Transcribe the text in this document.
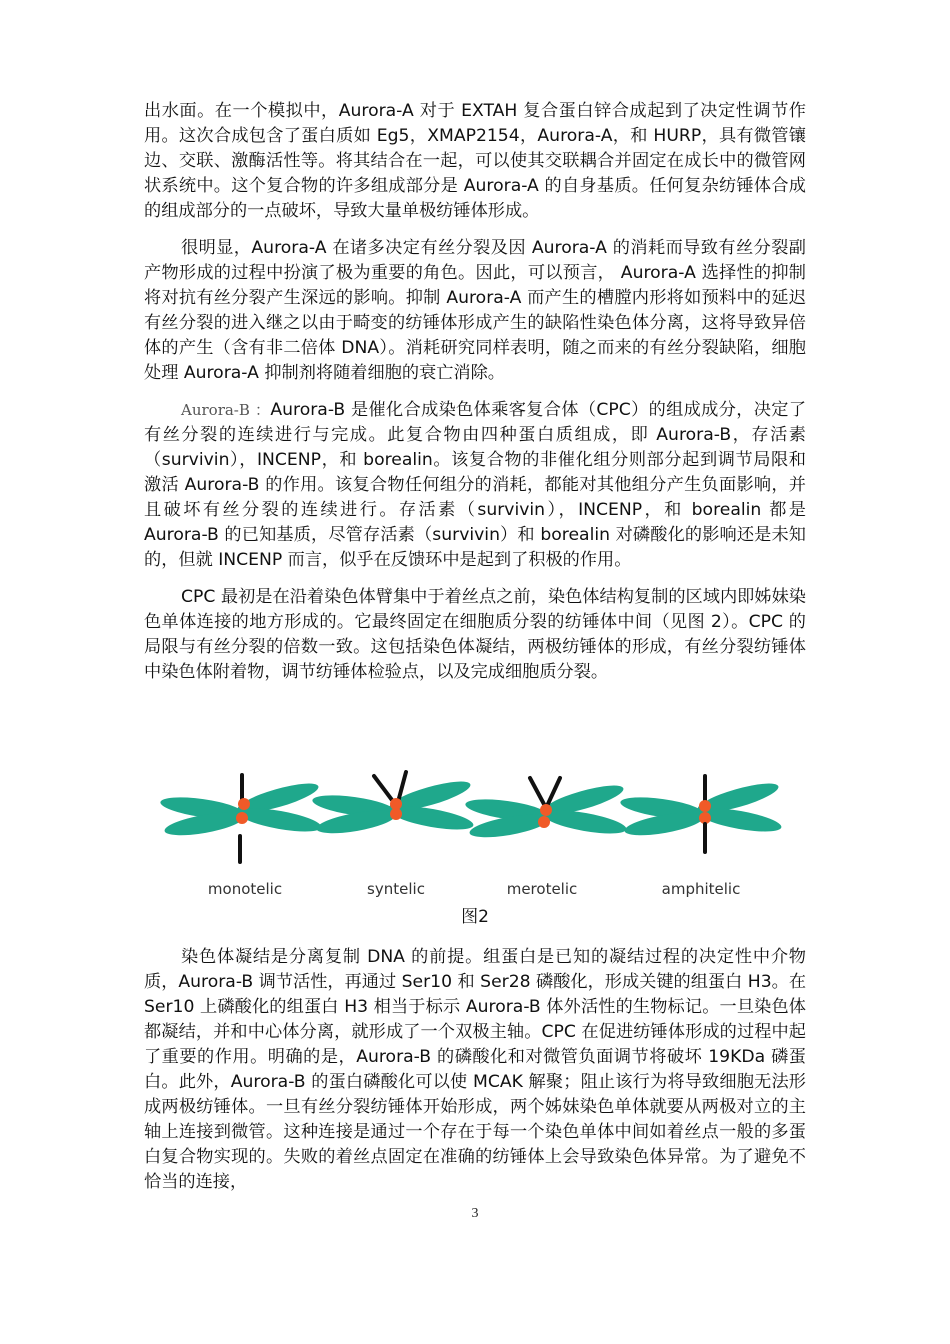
出水面。在一个模拟中，Aurora-A 对于 EXTAH 复合蛋白锌合成起到了决定性调节作用。这次合成包含了蛋白质如 Eg5，XMAP2154，Aurora-A，和 HURP，具有微管镶边、交联、激酶活性等。将其结合在一起，可以使其交联耦合并固定在成长中的微管网状系统中。这个复合物的许多组成部分是 Aurora-A 的自身基质。任何复杂纺锤体合成的组成部分的一点破坏，导致大量单极纺锤体形成。

很明显，Aurora-A 在诸多决定有丝分裂及因 Aurora-A 的消耗而导致有丝分裂副产物形成的过程中扮演了极为重要的角色。因此，可以预言， Aurora-A 选择性的抑制将对抗有丝分裂产生深远的影响。抑制 Aurora-A 而产生的槽膛内形将如预料中的延迟有丝分裂的进入继之以由于畸变的纺锤体形成产生的缺陷性染色体分离，这将导致异倍体的产生（含有非二倍体 DNA）。消耗研究同样表明，随之而来的有丝分裂缺陷，细胞处理 Aurora-A 抑制剂将随着细胞的衰亡消除。

Aurora-B ：Aurora-B 是催化合成染色体乘客复合体（CPC）的组成成分，决定了有丝分裂的连续进行与完成。此复合物由四种蛋白质组成，即 Aurora-B，存活素（survivin），INCENP，和 borealin。该复合物的非催化组分则部分起到调节局限和激活 Aurora-B 的作用。该复合物任何组分的消耗，都能对其他组分产生负面影响，并且破坏有丝分裂的连续进行。存活素（survivin），INCENP，和 borealin 都是 Aurora-B 的已知基质，尽管存活素（survivin）和 borealin 对磷酸化的影响还是未知的，但就 INCENP 而言，似乎在反馈环中是起到了积极的作用。

CPC 最初是在沿着染色体臂集中于着丝点之前，染色体结构复制的区域内即姊妹染色单体连接的地方形成的。它最终固定在细胞质分裂的纺锤体中间（见图 2）。CPC 的局限与有丝分裂的倍数一致。这包括染色体凝结，两极纺锤体的形成，有丝分裂纺锤体中染色体附着物，调节纺锤体检验点，以及完成细胞质分裂。

monotelic	syntelic	merotelic	amphitelic
图2

染色体凝结是分离复制 DNA 的前提。组蛋白是已知的凝结过程的决定性中介物质，Aurora-B 调节活性，再通过 Ser10 和 Ser28 磷酸化，形成关键的组蛋白 H3。在 Ser10 上磷酸化的组蛋白 H3 相当于标示 Aurora-B 体外活性的生物标记。一旦染色体都凝结，并和中心体分离，就形成了一个双极主轴。CPC 在促进纺锤体形成的过程中起了重要的作用。明确的是，Aurora-B 的磷酸化和对微管负面调节将破坏 19KDa 磷蛋白。此外，Aurora-B 的蛋白磷酸化可以使 MCAK 解聚；阻止该行为将导致细胞无法形成两极纺锤体。一旦有丝分裂纺锤体开始形成，两个姊妹染色单体就要从两极对立的主轴上连接到微管。这种连接是通过一个存在于每一个染色单体中间如着丝点一般的多蛋白复合物实现的。失败的着丝点固定在准确的纺锤体上会导致染色体异常。为了避免不恰当的连接，

3
